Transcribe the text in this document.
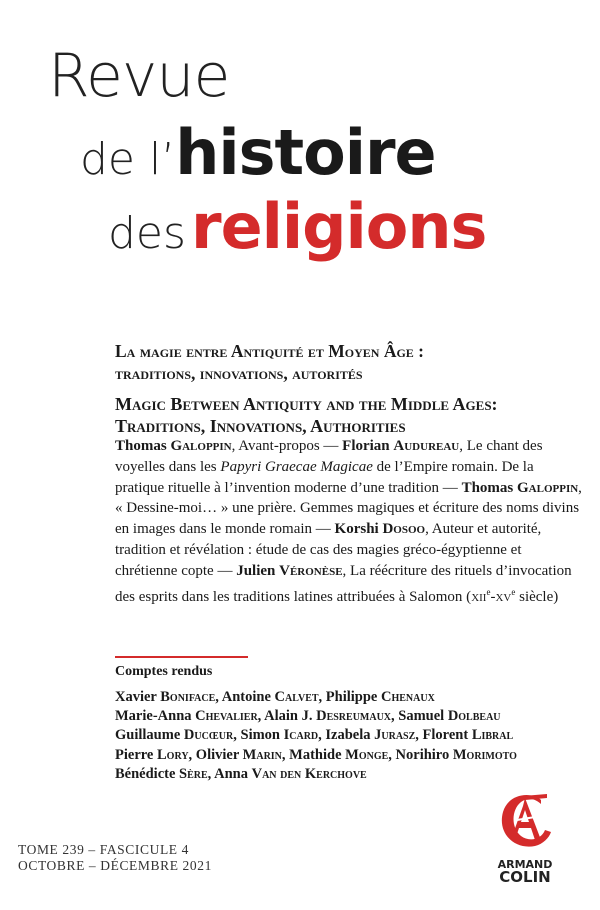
Revue
de l’histoire
des religions
La magie entre Antiquité et Moyen Âge :
traditions, innovations, autorités
Magic Between Antiquity and the Middle Ages:
Traditions, Innovations, Authorities

Thomas Galoppin, Avant-propos — Florian Audureau, Le chant des voyelles dans les Papyri Graecae Magicae de l’Empire romain. De la pratique rituelle à l’invention moderne d’une tradition — Thomas Galoppin, « Dessine-moi… » une prière. Gemmes magiques et écriture des noms divins en images dans le monde romain — Korshi Dosoo, Auteur et autorité, tradition et révélation : étude de cas des magies gréco-égyptienne et chrétienne copte — Julien Véronèse, La réécriture des rituels d’invocation des esprits dans les traditions latines attribuées à Salomon ($xii^e-xv^e$ siècle)

Comptes rendus
Xavier Boniface, Antoine Calvet, Philippe Chenaux
Marie-Anna Chevalier, Alain J. Desreumaux, Samuel Dolbeau
Guillaume Ducœur, Simon Icard, Izabela Jurasz, Florent Libral
Pierre Lory, Olivier Marin, Mathide Monge, Norihiro Morimoto
Bénédicte Sère, Anna Van den Kerchove
TOME 239 – FASCICULE 4
OCTOBRE – DÉCEMBRE 2021	ARMAND
COLIN
